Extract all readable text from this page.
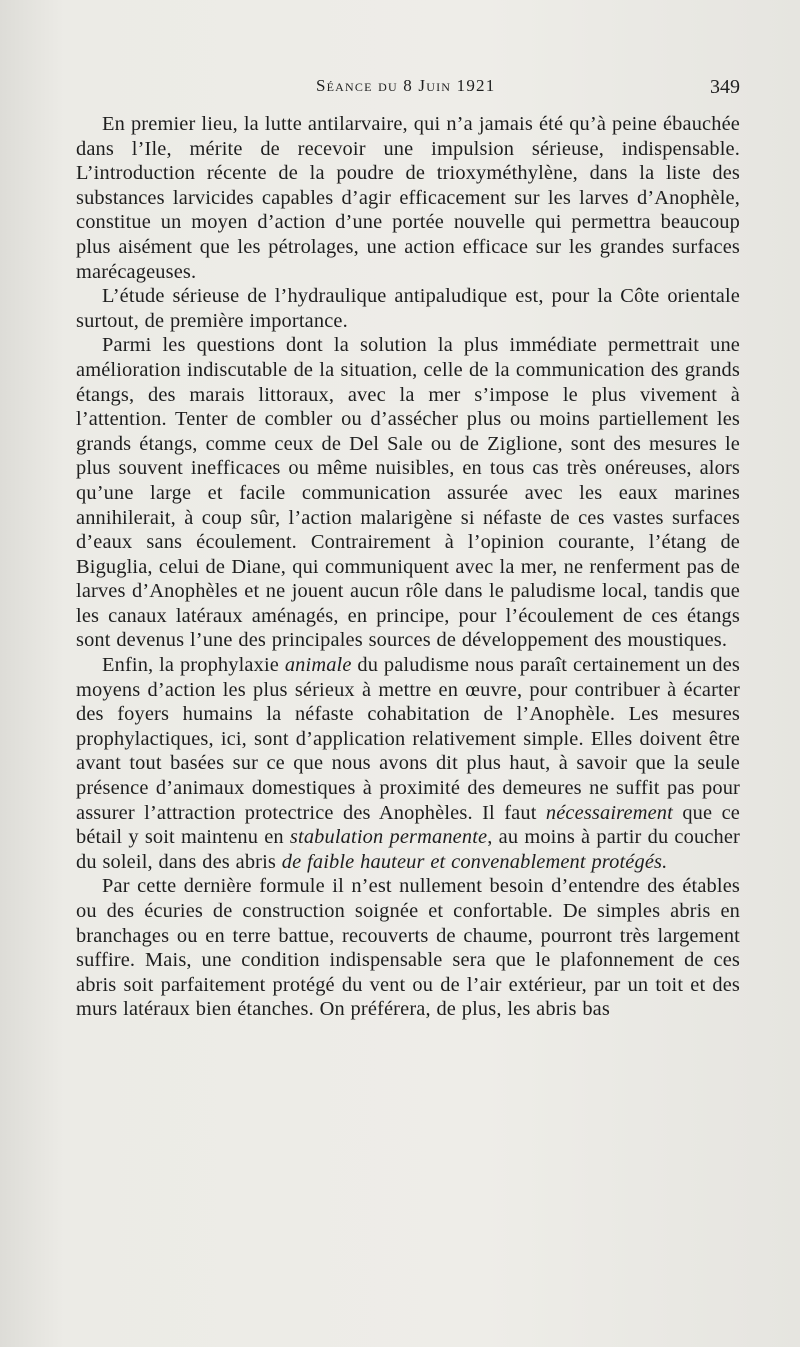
Séance du 8 Juin 1921	349

En premier lieu, la lutte antilarvaire, qui n’a jamais été qu’à peine ébauchée dans l’Ile, mérite de recevoir une impulsion sérieuse, indispensable. L’introduction récente de la poudre de trioxyméthylène, dans la liste des substances larvicides capables d’agir efficacement sur les larves d’Anophèle, constitue un moyen d’action d’une portée nouvelle qui permettra beaucoup plus aisément que les pétrolages, une action efficace sur les grandes surfaces marécageuses.

L’étude sérieuse de l’hydraulique antipaludique est, pour la Côte orientale surtout, de première importance.

Parmi les questions dont la solution la plus immédiate permettrait une amélioration indiscutable de la situation, celle de la communication des grands étangs, des marais littoraux, avec la mer s’impose le plus vivement à l’attention. Tenter de combler ou d’assécher plus ou moins partiellement les grands étangs, comme ceux de Del Sale ou de Ziglione, sont des mesures le plus souvent inefficaces ou même nuisibles, en tous cas très onéreuses, alors qu’une large et facile communication assurée avec les eaux marines annihilerait, à coup sûr, l’action malarigène si néfaste de ces vastes surfaces d’eaux sans écoulement. Contrairement à l’opinion courante, l’étang de Biguglia, celui de Diane, qui communiquent avec la mer, ne renferment pas de larves d’Anophèles et ne jouent aucun rôle dans le paludisme local, tandis que les canaux latéraux aménagés, en principe, pour l’écoulement de ces étangs sont devenus l’une des principales sources de développement des moustiques.

Enfin, la prophylaxie animale du paludisme nous paraît certainement un des moyens d’action les plus sérieux à mettre en œuvre, pour contribuer à écarter des foyers humains la néfaste cohabitation de l’Anophèle. Les mesures prophylactiques, ici, sont d’application relativement simple. Elles doivent être avant tout basées sur ce que nous avons dit plus haut, à savoir que la seule présence d’animaux domestiques à proximité des demeures ne suffit pas pour assurer l’attraction protectrice des Anophèles. Il faut nécessairement que ce bétail y soit maintenu en stabulation permanente, au moins à partir du coucher du soleil, dans des abris de faible hauteur et convenablement protégés.

Par cette dernière formule il n’est nullement besoin d’entendre des étables ou des écuries de construction soignée et confortable. De simples abris en branchages ou en terre battue, recouverts de chaume, pourront très largement suffire. Mais, une condition indispensable sera que le plafonnement de ces abris soit parfaitement protégé du vent ou de l’air extérieur, par un toit et des murs latéraux bien étanches. On préférera, de plus, les abris bas
